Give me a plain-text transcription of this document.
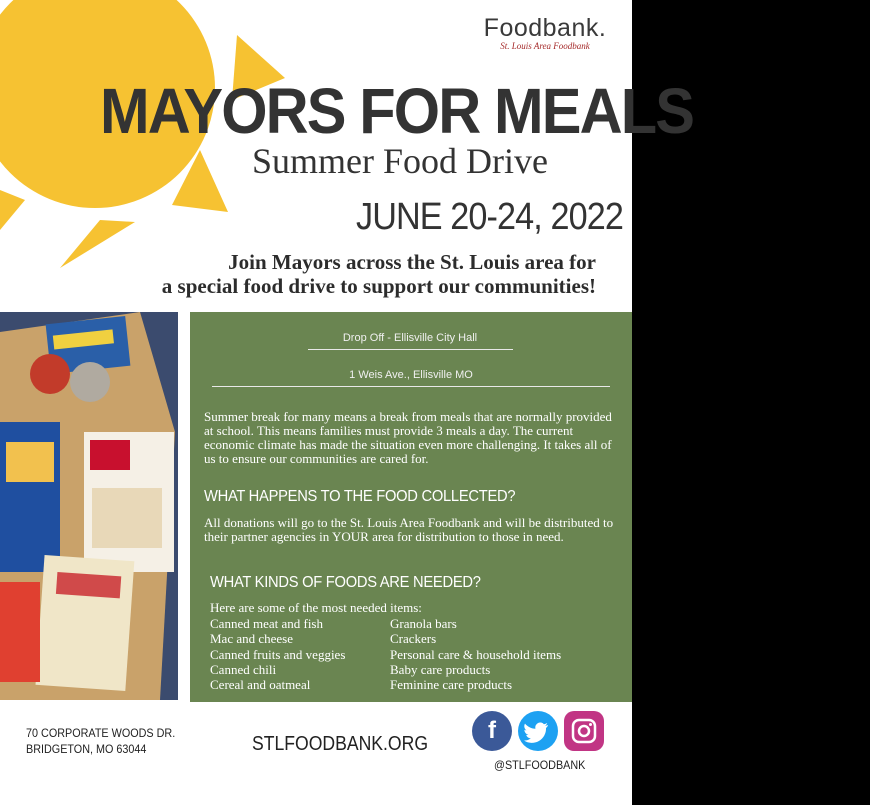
Foodbank.
St. Louis Area Foodbank
MAYORS FOR MEALS
Summer Food Drive
JUNE 20-24, 2022
Join Mayors across the St. Louis area for
a special food drive to support our communities!
Drop Off - Ellisville City Hall
1 Weis Ave., Ellisville MO
Summer break for many means a break from meals that are normally provided at school. This means families must provide 3 meals a day. The current economic climate has made the situation even more challenging. It takes all of us to ensure our communities are cared for.
WHAT HAPPENS TO THE FOOD COLLECTED?
All donations will go to the St. Louis Area Foodbank and will be distributed to their partner agencies in YOUR area for distribution to those in need.
WHAT KINDS OF FOODS ARE NEEDED?
Here are some of the most needed items:
Canned meat and fish
Mac and cheese
Canned fruits and veggies
Canned chili
Cereal and oatmeal
Granola bars
Crackers
Personal care & household items
Baby care products
Feminine care products
70 CORPORATE WOODS DR.
BRIDGETON, MO 63044	STLFOODBANK.ORG	f
@STLFOODBANK
